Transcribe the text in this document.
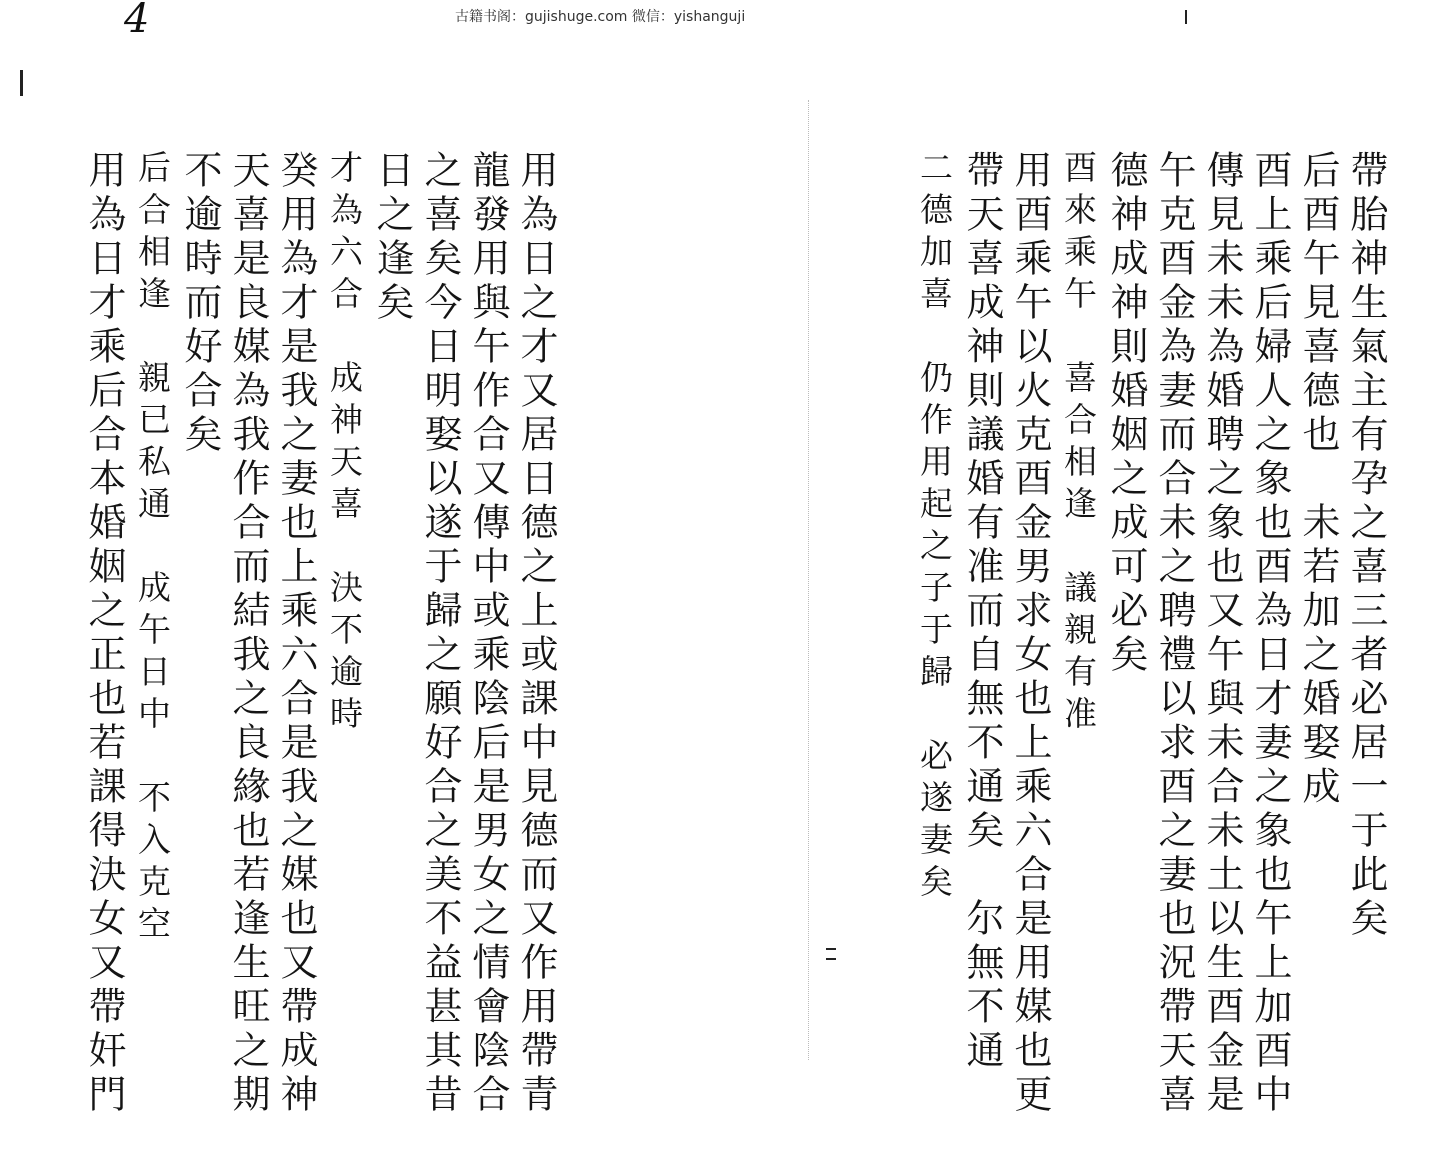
古籍书阁：gujishuge.com 微信：yishanguji
4
帶胎神生氣主有孕之喜三者必居一于此矣
后酉午見喜德也　未若加之婚娶成
酉上乘后婦人之象也酉為日才妻之象也午上加酉中
傳見未未為婚聘之象也又午與未合未土以生酉金是
午克酉金為妻而合未之聘禮以求酉之妻也況帶天喜
德神成神則婚姻之成可必矣
酉來乘午　喜合相逢　議親有准
用酉乘午以火克酉金男求女也上乘六合是用媒也更
帶天喜成神則議婚有准而自無不通矣　尔無不通
二德加喜　仍作用起之子于歸　必遂妻矣
用為日之才又居日德之上或課中見德而又作用帶青
龍發用與午作合又傳中或乘陰后是男女之情會陰合
之喜矣今日明娶以遂于歸之願好合之美不益甚其昔
日之逢矣
才為六合　成神天喜　決不逾時
癸用為才是我之妻也上乘六合是我之媒也又帶成神
天喜是良媒為我作合而結我之良緣也若逢生旺之期
不逾時而好合矣
后合相逢　親已私通　成午日中　不入克空
用為日才乘后合本婚姻之正也若課得決女又帶奸門
